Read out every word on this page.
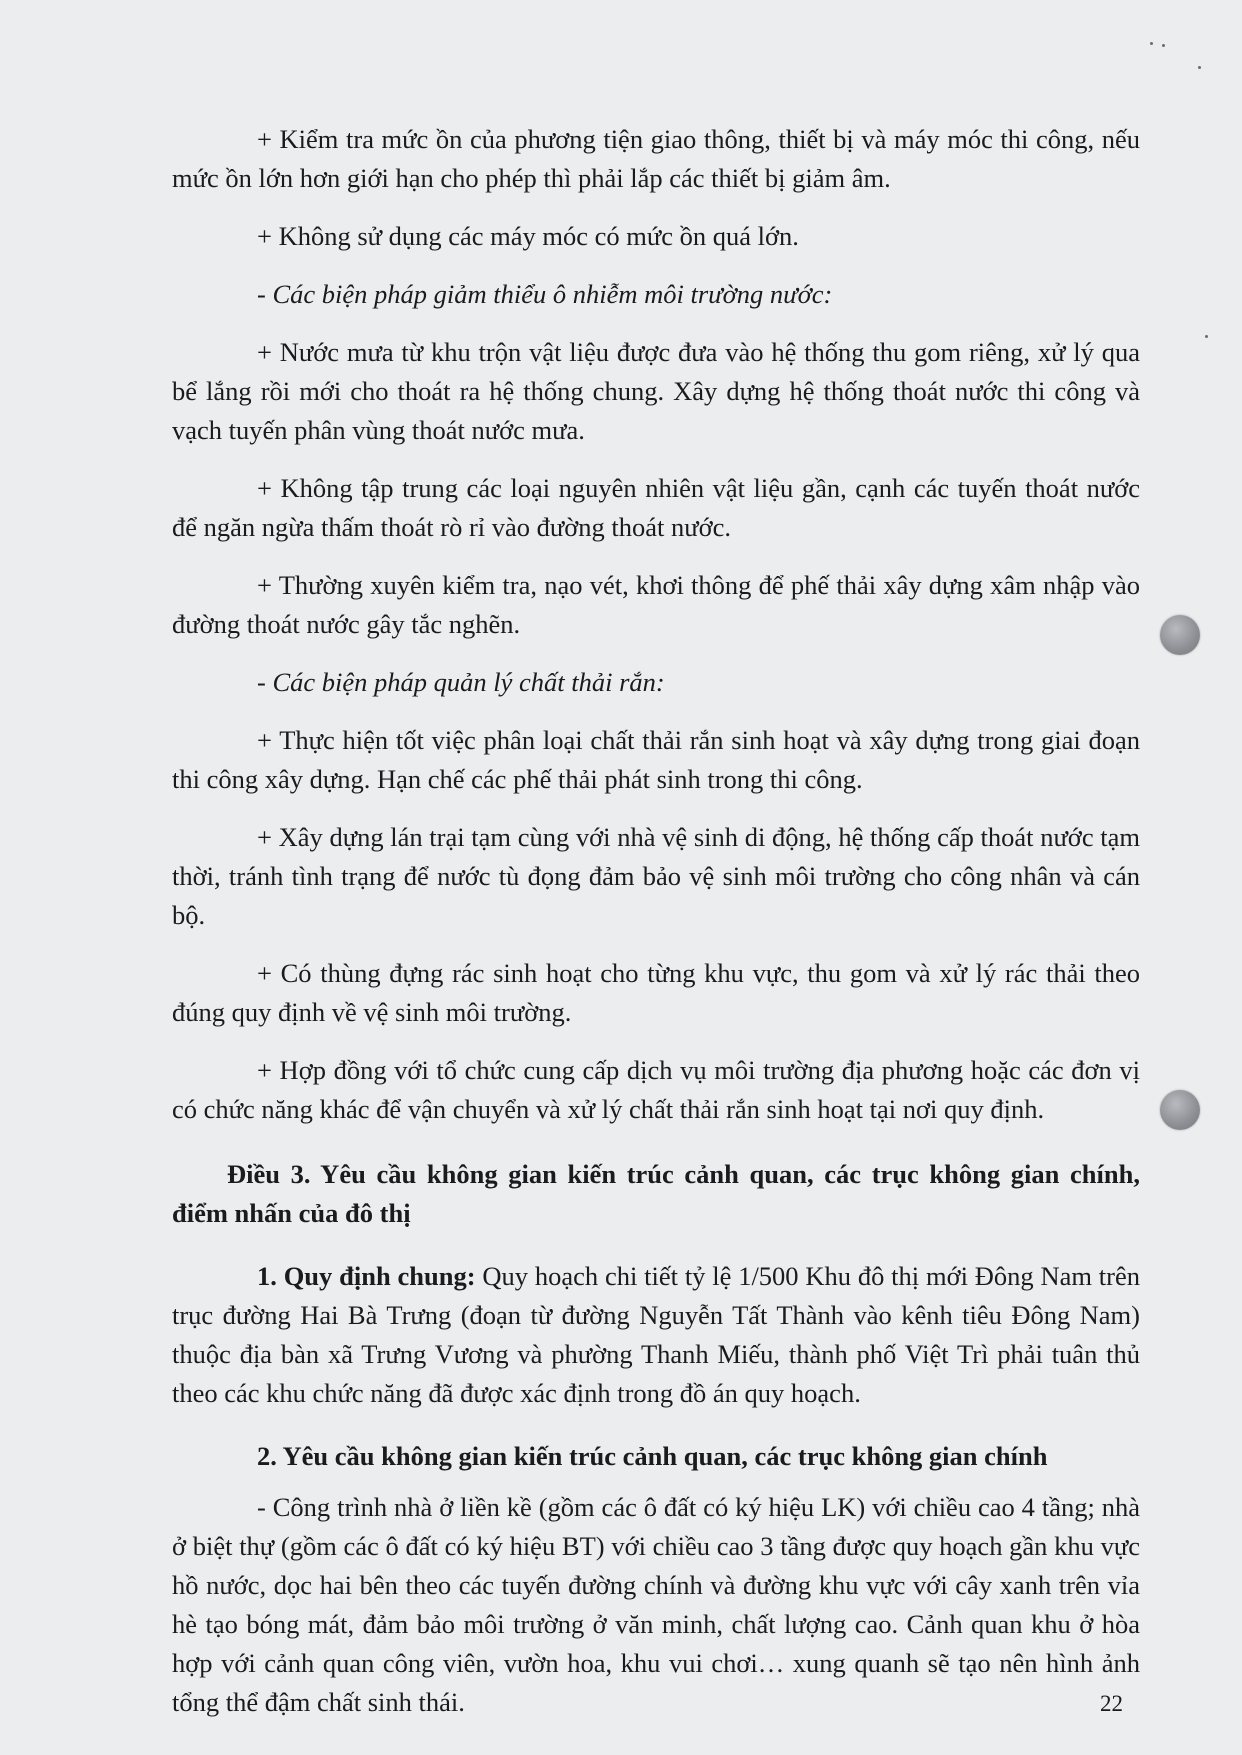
+ Kiểm tra mức ồn của phương tiện giao thông, thiết bị và máy móc thi công, nếu mức ồn lớn hơn giới hạn cho phép thì phải lắp các thiết bị giảm âm.

+ Không sử dụng các máy móc có mức ồn quá lớn.

- Các biện pháp giảm thiểu ô nhiễm môi trường nước:

+ Nước mưa từ khu trộn vật liệu được đưa vào hệ thống thu gom riêng, xử lý qua bể lắng rồi mới cho thoát ra hệ thống chung. Xây dựng hệ thống thoát nước thi công và vạch tuyến phân vùng thoát nước mưa.

+ Không tập trung các loại nguyên nhiên vật liệu gần, cạnh các tuyến thoát nước để ngăn ngừa thấm thoát rò rỉ vào đường thoát nước.

+ Thường xuyên kiểm tra, nạo vét, khơi thông để phế thải xây dựng xâm nhập vào đường thoát nước gây tắc nghẽn.

- Các biện pháp quản lý chất thải rắn:

+ Thực hiện tốt việc phân loại chất thải rắn sinh hoạt và xây dựng trong giai đoạn thi công xây dựng. Hạn chế các phế thải phát sinh trong thi công.

+ Xây dựng lán trại tạm cùng với nhà vệ sinh di động, hệ thống cấp thoát nước tạm thời, tránh tình trạng để nước tù đọng đảm bảo vệ sinh môi trường cho công nhân và cán bộ.

+ Có thùng đựng rác sinh hoạt cho từng khu vực, thu gom và xử lý rác thải theo đúng quy định về vệ sinh môi trường.

+ Hợp đồng với tổ chức cung cấp dịch vụ môi trường địa phương hoặc các đơn vị có chức năng khác để vận chuyển và xử lý chất thải rắn sinh hoạt tại nơi quy định.

Điều 3. Yêu cầu không gian kiến trúc cảnh quan, các trục không gian chính, điểm nhấn của đô thị

1. Quy định chung: Quy hoạch chi tiết tỷ lệ 1/500 Khu đô thị mới Đông Nam trên trục đường Hai Bà Trưng (đoạn từ đường Nguyễn Tất Thành vào kênh tiêu Đông Nam) thuộc địa bàn xã Trưng Vương và phường Thanh Miếu, thành phố Việt Trì phải tuân thủ theo các khu chức năng đã được xác định trong đồ án quy hoạch.

2. Yêu cầu không gian kiến trúc cảnh quan, các trục không gian chính

- Công trình nhà ở liền kề (gồm các ô đất có ký hiệu LK) với chiều cao 4 tầng; nhà ở biệt thự (gồm các ô đất có ký hiệu BT) với chiều cao 3 tầng được quy hoạch gần khu vực hồ nước, dọc hai bên theo các tuyến đường chính và đường khu vực với cây xanh trên vỉa hè tạo bóng mát, đảm bảo môi trường ở văn minh, chất lượng cao. Cảnh quan khu ở hòa hợp với cảnh quan công viên, vườn hoa, khu vui chơi… xung quanh sẽ tạo nên hình ảnh tổng thể đậm chất sinh thái.	22
